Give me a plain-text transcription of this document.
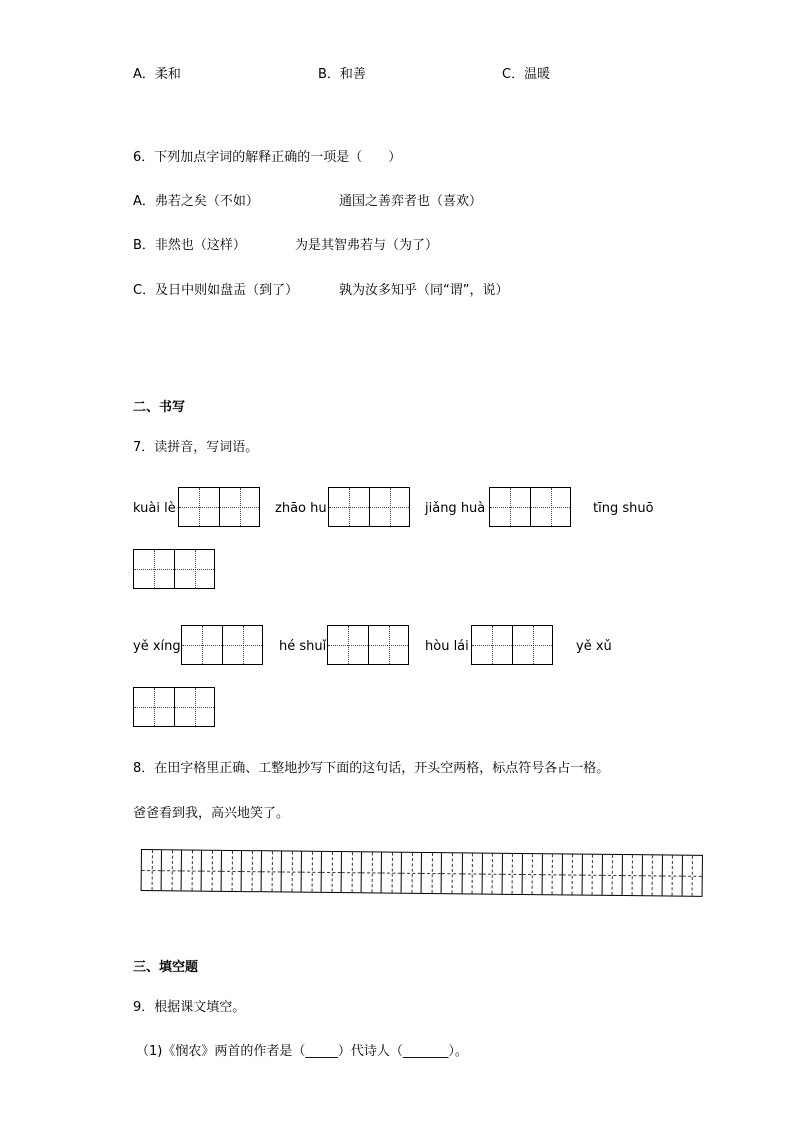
A．柔和	B．和善	C．温暖
6．下列加点字词的解释正确的一项是（　　）
A．弗若之矣（不如）	通国之善弈者也（喜欢）
B．非然也（这样）	为是其智弗若与（为了）
C．及日中则如盘盂（到了）	孰为汝多知乎（同“谓”，说）
二、书写
7．读拼音，写词语。
kuài lè	zhāo hu	jiǎng huà	tīng shuō
yě xíng	hé shuǐ	hòu lái	yě xǔ
8．在田字格里正确、工整地抄写下面的这句话，开头空两格，标点符号各占一格。
爸爸看到我，高兴地笑了。
三、填空题
9．根据课文填空。
（1)《悯农》两首的作者是（_____）代诗人（_______）。
